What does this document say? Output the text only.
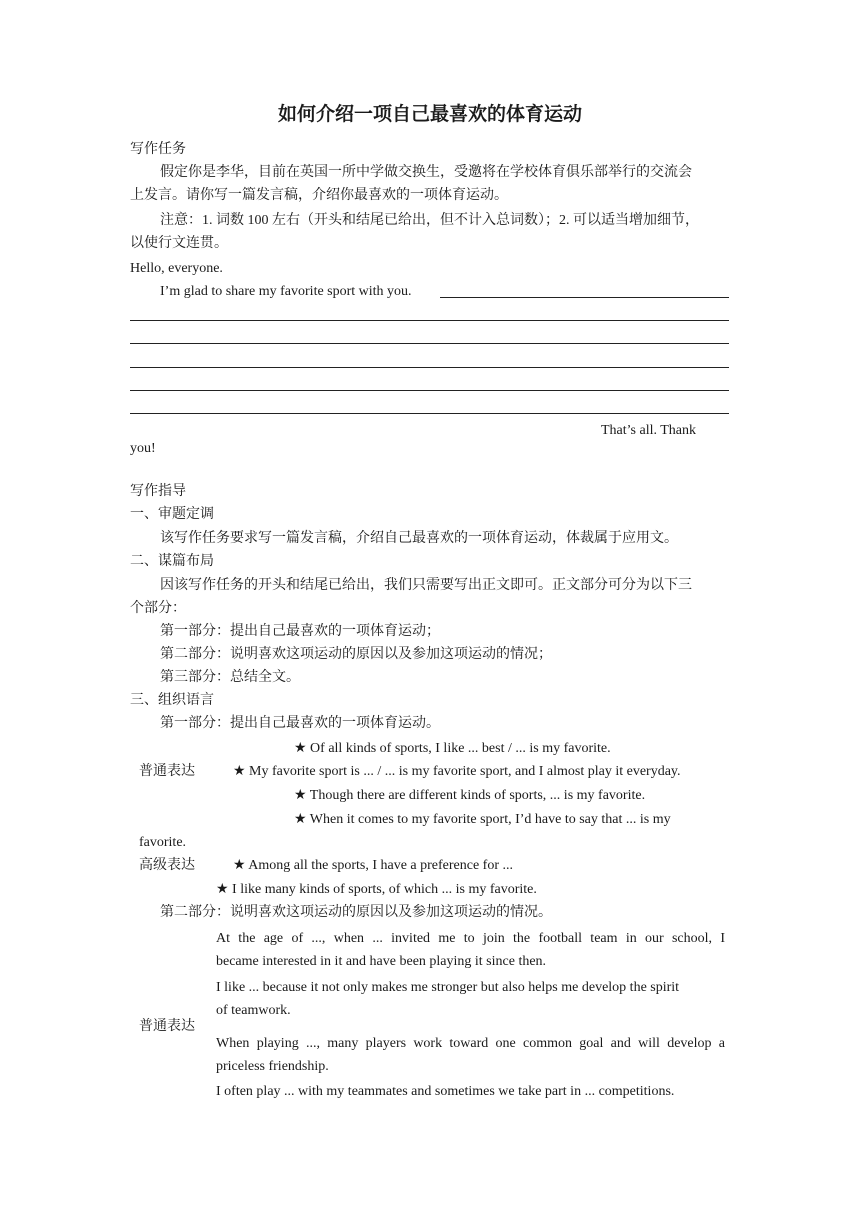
如何介绍一项自己最喜欢的体育运动
写作任务
假定你是李华，目前在英国一所中学做交换生，受邀将在学校体育俱乐部举行的交流会
上发言。请你写一篇发言稿，介绍你最喜欢的一项体育运动。
注意：1. 词数 100 左右（开头和结尾已给出，但不计入总词数）；2. 可以适当增加细节，
以使行文连贯。
Hello, everyone.
I’m glad to share my favorite sport with you.
That’s all. Thank
you!
写作指导
一、审题定调
该写作任务要求写一篇发言稿，介绍自己最喜欢的一项体育运动，体裁属于应用文。
二、谋篇布局
因该写作任务的开头和结尾已给出，我们只需要写出正文即可。正文部分可分为以下三
个部分：
第一部分：提出自己最喜欢的一项体育运动；
第二部分：说明喜欢这项运动的原因以及参加这项运动的情况；
第三部分：总结全文。
三、组织语言
第一部分：提出自己最喜欢的一项体育运动。
★ Of all kinds of sports, I like ... best / ... is my favorite.
普通表达	★ My favorite sport is ... / ... is my favorite sport, and I almost play it everyday.
★ Though there are different kinds of sports, ... is my favorite.
★ When it comes to my favorite sport, I’d have to say that ... is my
favorite.
高级表达	★ Among all the sports, I have a preference for ...
★ I like many kinds of sports, of which ... is my favorite.
第二部分：说明喜欢这项运动的原因以及参加这项运动的情况。
At the age of ..., when ... invited me to join the football team in our school, I
became interested in it and have been playing it since then.
I like ... because it not only makes me stronger but also helps me develop the spirit
of teamwork.
普通表达
When playing ..., many players work toward one common goal and will develop a
priceless friendship.
I often play ... with my teammates and sometimes we take part in ... competitions.
